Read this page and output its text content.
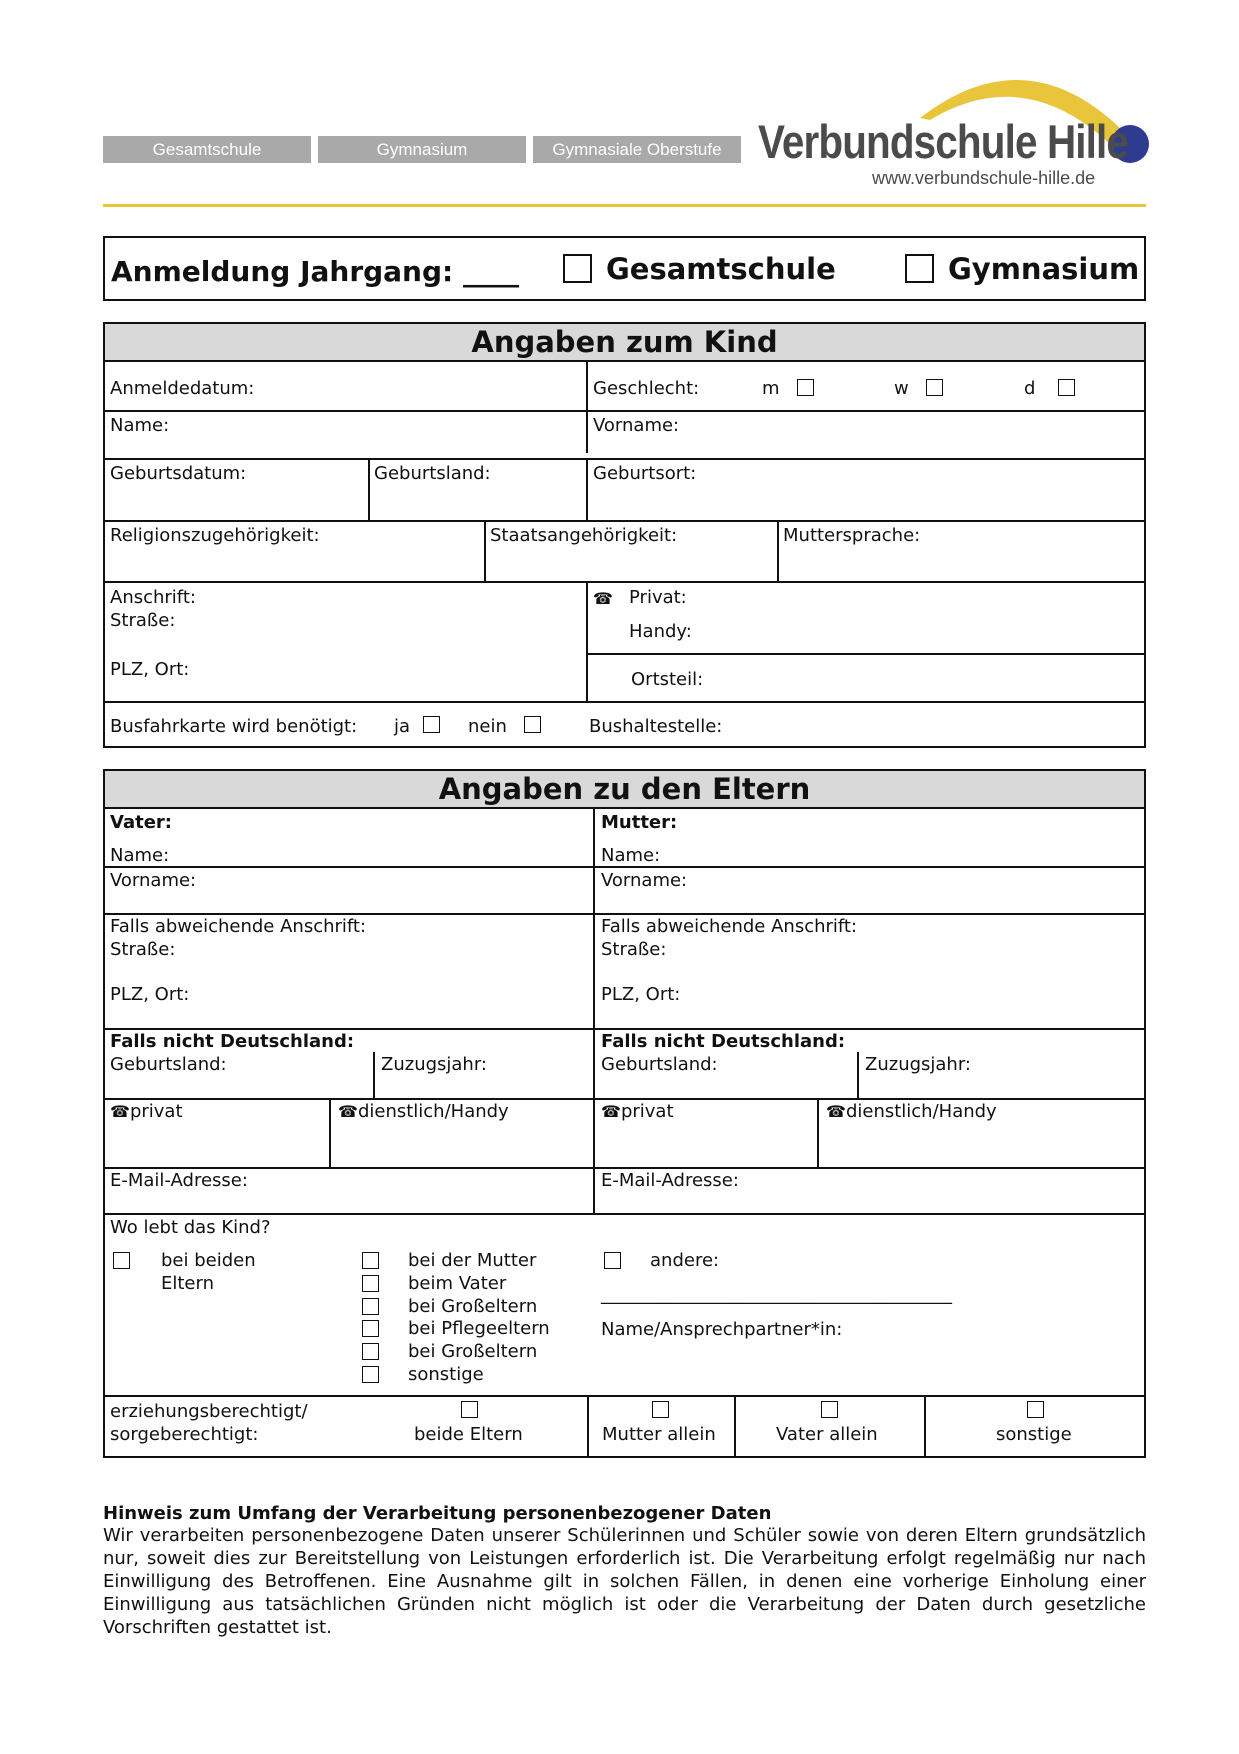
Gesamtschule	Gymnasium	Gymnasiale Oberstufe Verbundschule Hille
www.verbundschule-hille.de
Anmeldung Jahrgang: ____	Gesamtschule	Gymnasium
Angaben zum Kind
Anmeldedatum:	Geschlecht:	m	w	d
Name:	Vorname:
Geburtsdatum:	Geburtsland:	Geburtsort:
Religionszugehörigkeit:	Staatsangehörigkeit:	Muttersprache:
Anschrift:
Straße:
PLZ, Ort:
☎ Privat:
Handy:
Ortsteil:
Busfahrkarte wird benötigt: ja	nein	Bushaltestelle:
Angaben zu den Eltern
Vater:	Mutter:
Name:	Name:
Vorname:	Vorname:
Falls abweichende Anschrift:
Straße:
PLZ, Ort:
Falls abweichende Anschrift:
Straße:
PLZ, Ort:
Falls nicht Deutschland:
Geburtsland:	Zuzugsjahr:
Falls nicht Deutschland:
Geburtsland:	Zuzugsjahr:
☎privat	☎dienstlich/Handy	☎privat	☎dienstlich/Handy
E-Mail-Adresse:	E-Mail-Adresse:
Wo lebt das Kind?
bei beiden
Eltern
bei der Mutter
beim Vater
bei Großeltern
bei Pflegeeltern
bei Großeltern
sonstige
andere:
_______________________________________
Name/Ansprechpartner*in:
erziehungsberechtigt/
sorgeberechtigt:	beide Eltern	Mutter allein	Vater allein	sonstige
Hinweis zum Umfang der Verarbeitung personenbezogener Daten
Wir verarbeiten personenbezogene Daten unserer Schülerinnen und Schüler sowie von deren Eltern grundsätzlich nur, soweit dies zur Bereitstellung von Leistungen erforderlich ist. Die Verarbeitung erfolgt regelmäßig nur nach Einwilligung des Betroffenen. Eine Ausnahme gilt in solchen Fällen, in denen eine vorherige Einholung einer Einwilligung aus tatsächlichen Gründen nicht möglich ist oder die Verarbeitung der Daten durch gesetzliche Vorschriften gestattet ist.
